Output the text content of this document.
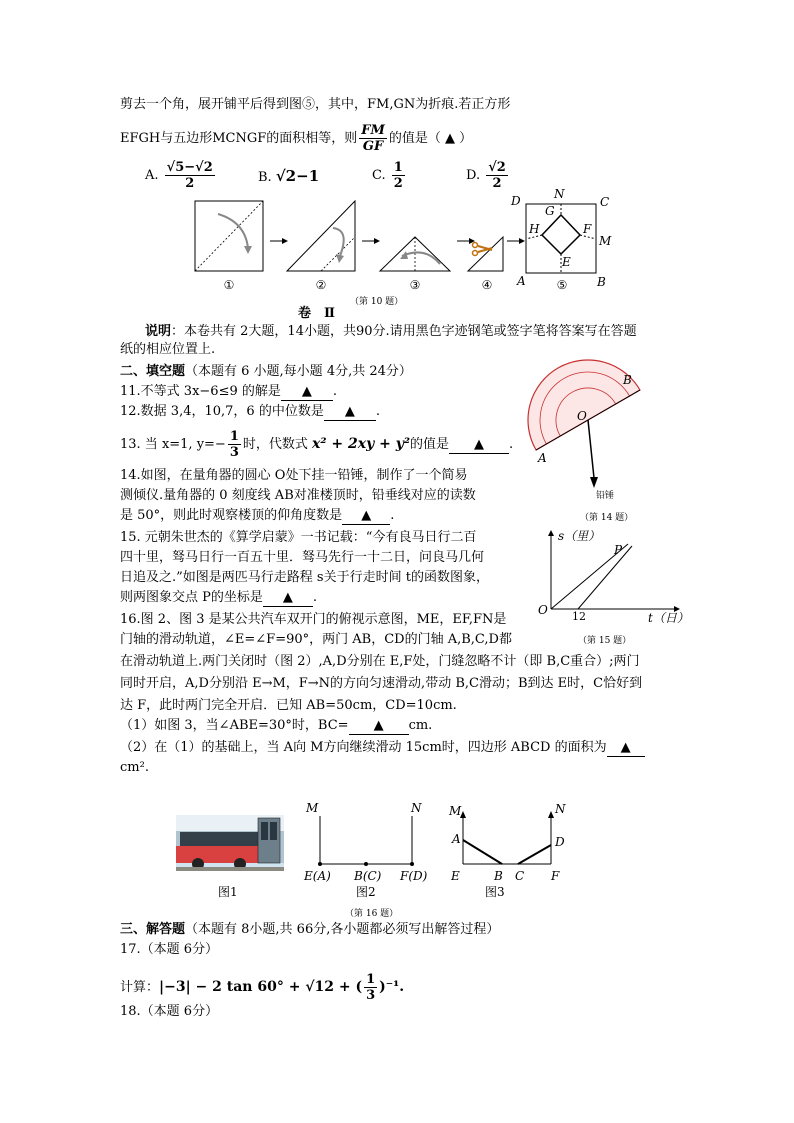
剪去一个角，展开铺平后得到图⑤，其中，FM,GN为折痕.若正方形
EFGH与五边形MCNGF的面积相等，则 $\frac{FM}{GF}$ 的值是（ ▲ ）
A. $\frac{√5-√2}{2}$	B. √2−1	C. $\frac{1}{2}$	D. $\frac{√2}{2}$
D	N
C
G
H	F
M
E
A	B
①	②	③	④	⑤
（第 10 题）
卷　Ⅱ
说明：本卷共有 2大题，14小题，共90分.请用黑色字迹钢笔或签字笔将答案写在答题
纸的相应位置上.
二、填空题（本题有 6 小题,每小题 4分,共 24分）
11.不等式 3x−6≤9 的解是 ▲ .
12.数据 3,4，10,7，6 的中位数是 ▲ .
13. 当 x=1, $y=- \frac{1}{3}$ 时，代数式 x² + 2xy + y²的值是 ▲ .
14.如图，在量角器的圆心 O处下挂一铅锤，制作了一个简易
测倾仪.量角器的 0 刻度线 AB对准楼顶时，铅垂线对应的读数
是 50°，则此时观察楼顶的仰角度数是 ▲ .
B
O
A
铅锤
（第 14 题）
15. 元朝朱世杰的《算学启蒙》一书记载：“今有良马日行二百
四十里，驽马日行一百五十里．驽马先行一十二日，问良马几何
日追及之.”如图是两匹马行走路程 s关于行走时间 t的函数图象，
则两图象交点 P的坐标是 ▲ .
s（里）
P
O 12	t（日）
（第 15 题）
16.图 2、图 3 是某公共汽车双开门的俯视示意图，ME，EF,FN是
门轴的滑动轨道，∠E=∠F=90°，两门 AB，CD的门轴 A,B,C,D都
在滑动轨道上.两门关闭时（图 2）,A,D分别在 E,F处，门缝忽略不计（即 B,C重合）;两门
同时开启，A,D分别沿 E→M，F→N的方向匀速滑动,带动 B,C滑动；B到达 E时，C恰好到
达 F，此时两门完全开启．已知 AB=50cm，CD=10cm.
（1）如图 3，当∠ABE=30°时，BC= ▲ cm.
（2）在（1）的基础上，当 A向 M方向继续滑动 15cm时，四边形 ABCD 的面积为 ▲
cm².
M	N
E(A) B(C) F(D)
M	N
A	D
E	B C F
图1	图2	图3
（第 16 题）
三、解答题（本题有 8小题,共 66分,各小题都必须写出解答过程）
17.（本题 6分）
计算：|−3| − 2 tan 60° + √12 + ( $\frac{1}{3} )^{-1}$.
18.（本题 6分）
